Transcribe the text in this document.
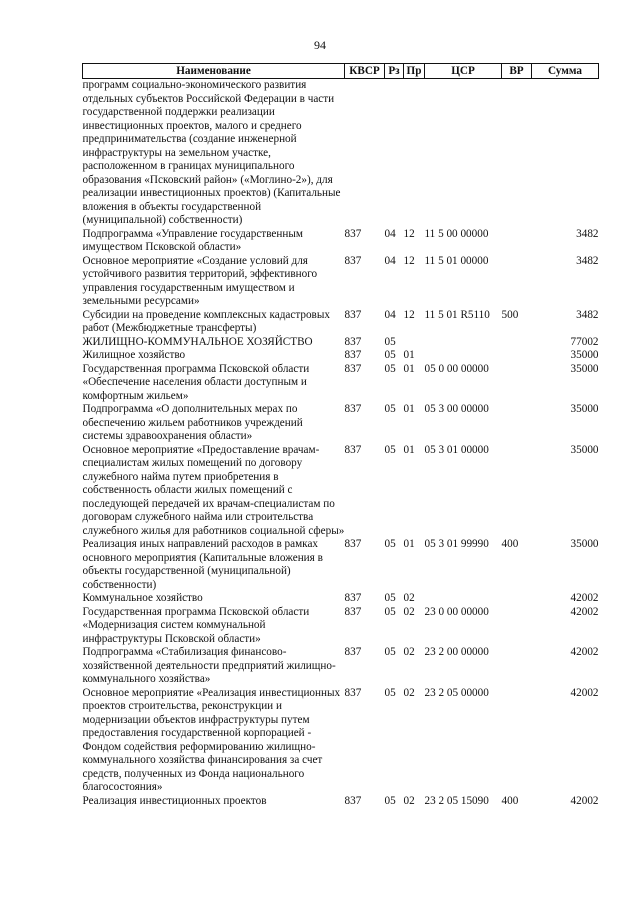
94
Наименование	КВСР	Рз	Пр	ЦСР	ВР	Сумма
программ социально-экономического развития отдельных субъектов Российской Федерации в части государственной поддержки реализации инвестиционных проектов, малого и среднего предпринимательства (создание инженерной инфраструктуры на земельном участке, расположенном в границах муниципального образования «Псковский район» («Моглино-2»), для реализации инвестиционных проектов) (Капитальные вложения в объекты государственной (муниципальной) собственности)						
Подпрограмма «Управление государственным имуществом Псковской области»	837	04	12	11 5 00 00000		3482
Основное мероприятие «Создание условий для устойчивого развития территорий, эффективного управления государственным имуществом и земельными ресурсами»	837	04	12	11 5 01 00000		3482
Субсидии на проведение комплексных кадастровых работ (Межбюджетные трансферты)	837	04	12	11 5 01 R5110	500	3482
ЖИЛИЩНО-КОММУНАЛЬНОЕ ХОЗЯЙСТВО	837	05				77002
Жилищное хозяйство	837	05	01			35000
Государственная программа Псковской области «Обеспечение населения области доступным и комфортным жильем»	837	05	01	05 0 00 00000		35000
Подпрограмма «О дополнительных мерах по обеспечению жильем работников учреждений системы здравоохранения области»	837	05	01	05 3 00 00000		35000
Основное мероприятие «Предоставление врачам-специалистам жилых помещений по договору служебного найма путем приобретения в собственность области жилых помещений с последующей передачей их врачам-специалистам по договорам служебного найма или строительства служебного жилья для работников социальной сферы»	837	05	01	05 3 01 00000		35000
Реализация иных направлений расходов в рамках основного мероприятия (Капитальные вложения в объекты государственной (муниципальной) собственности)	837	05	01	05 3 01 99990	400	35000
Коммунальное хозяйство	837	05	02			42002
Государственная программа Псковской области «Модернизация систем коммунальной инфраструктуры Псковской области»	837	05	02	23 0 00 00000		42002
Подпрограмма «Стабилизация финансово-хозяйственной деятельности предприятий жилищно-коммунального хозяйства»	837	05	02	23 2 00 00000		42002
Основное мероприятие «Реализация инвестиционных проектов строительства, реконструкции и модернизации объектов инфраструктуры путем предоставления государственной корпорацией - Фондом содействия реформированию жилищно-коммунального хозяйства финансирования за счет средств, полученных из Фонда национального благосостояния»	837	05	02	23 2 05 00000		42002
Реализация инвестиционных проектов	837	05	02	23 2 05 15090	400	42002
